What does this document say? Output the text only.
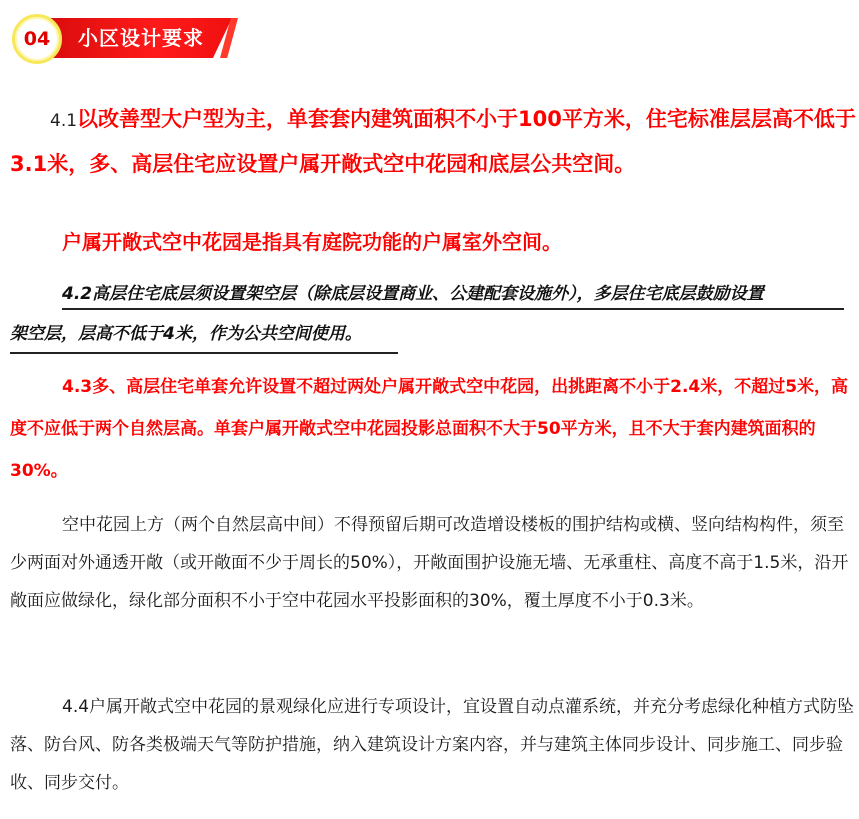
04 小区设计要求

4.1以改善型大户型为主，单套套内建筑面积不小于100平方米，住宅标准层层高不低于3.1米，多、高层住宅应设置户属开敞式空中花园和底层公共空间。

户属开敞式空中花园是指具有庭院功能的户属室外空间。

4.2高层住宅底层须设置架空层（除底层设置商业、公建配套设施外），多层住宅底层鼓励设置
架空层，层高不低于4米，作为公共空间使用。

4.3多、高层住宅单套允许设置不超过两处户属开敞式空中花园，出挑距离不小于2.4米，不超过5米，高度不应低于两个自然层高。单套户属开敞式空中花园投影总面积不大于50平方米，且不大于套内建筑面积的30%。

空中花园上方（两个自然层高中间）不得预留后期可改造增设楼板的围护结构或横、竖向结构构件，须至少两面对外通透开敞（或开敞面不少于周长的50%），开敞面围护设施无墙、无承重柱、高度不高于1.5米，沿开敞面应做绿化，绿化部分面积不小于空中花园水平投影面积的30%，覆土厚度不小于0.3米。

4.4户属开敞式空中花园的景观绿化应进行专项设计，宜设置自动点灌系统，并充分考虑绿化种植方式防坠落、防台风、防各类极端天气等防护措施，纳入建筑设计方案内容，并与建筑主体同步设计、同步施工、同步验收、同步交付。
